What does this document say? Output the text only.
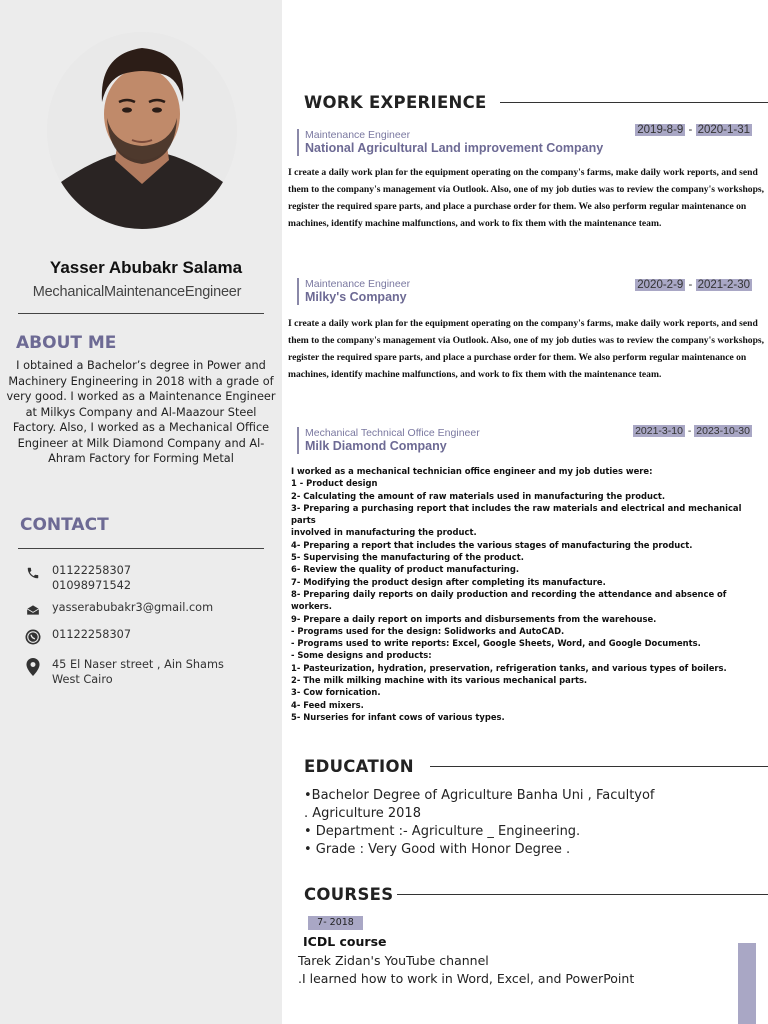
Yasser Abubakr Salama
MechanicalMaintenanceEngineer
ABOUT ME
I obtained a Bachelor’s degree in Power and Machinery Engineering in 2018 with a grade of very good. I worked as a Maintenance Engineer at Milkys Company and Al-Maazour Steel Factory. Also, I worked as a Mechanical Office Engineer at Milk Diamond Company and Al-Ahram Factory for Forming Metal
CONTACT
01122258307
01098971542
yasserabubakr3@gmail.com
01122258307
45 El Naser street , Ain Shams
West Cairo
WORK EXPERIENCE
Maintenance Engineer
National Agricultural Land improvement Company
2019-8-9 - 2020-1-31
I create a daily work plan for the equipment operating on the company's farms, make daily work reports, and send them to the company's management via Outlook. Also, one of my job duties was to review the company's workshops, register the required spare parts, and place a purchase order for them. We also perform regular maintenance on machines, identify machine malfunctions, and work to fix them with the maintenance team.
Maintenance Engineer
Milky's Company
2020-2-9 - 2021-2-30
I create a daily work plan for the equipment operating on the company's farms, make daily work reports, and send them to the company's management via Outlook. Also, one of my job duties was to review the company's workshops, register the required spare parts, and place a purchase order for them. We also perform regular maintenance on machines, identify machine malfunctions, and work to fix them with the maintenance team.
Mechanical Technical Office Engineer
Milk Diamond Company
2021-3-10 - 2023-10-30
I worked as a mechanical technician office engineer and my job duties were:
1 - Product design
2- Calculating the amount of raw materials used in manufacturing the product.
3- Preparing a purchasing report that includes the raw materials and electrical and mechanical parts
involved in manufacturing the product.
4- Preparing a report that includes the various stages of manufacturing the product.
5- Supervising the manufacturing of the product.
6- Review the quality of product manufacturing.
7- Modifying the product design after completing its manufacture.
8- Preparing daily reports on daily production and recording the attendance and absence of workers.
9- Prepare a daily report on imports and disbursements from the warehouse.
- Programs used for the design: Solidworks and AutoCAD.
- Programs used to write reports: Excel, Google Sheets, Word, and Google Documents.
- Some designs and products:
1- Pasteurization, hydration, preservation, refrigeration tanks, and various types of boilers.
2- The milk milking machine with its various mechanical parts.
3- Cow fornication.
4- Feed mixers.
5- Nurseries for infant cows of various types.
EDUCATION
•Bachelor Degree of Agriculture Banha Uni , Facultyof
. Agriculture 2018
• Department :- Agriculture _ Engineering.
• Grade : Very Good with Honor Degree .
COURSES
7- 2018
ICDL course
Tarek Zidan's YouTube channel
.I learned how to work in Word, Excel, and PowerPoint
